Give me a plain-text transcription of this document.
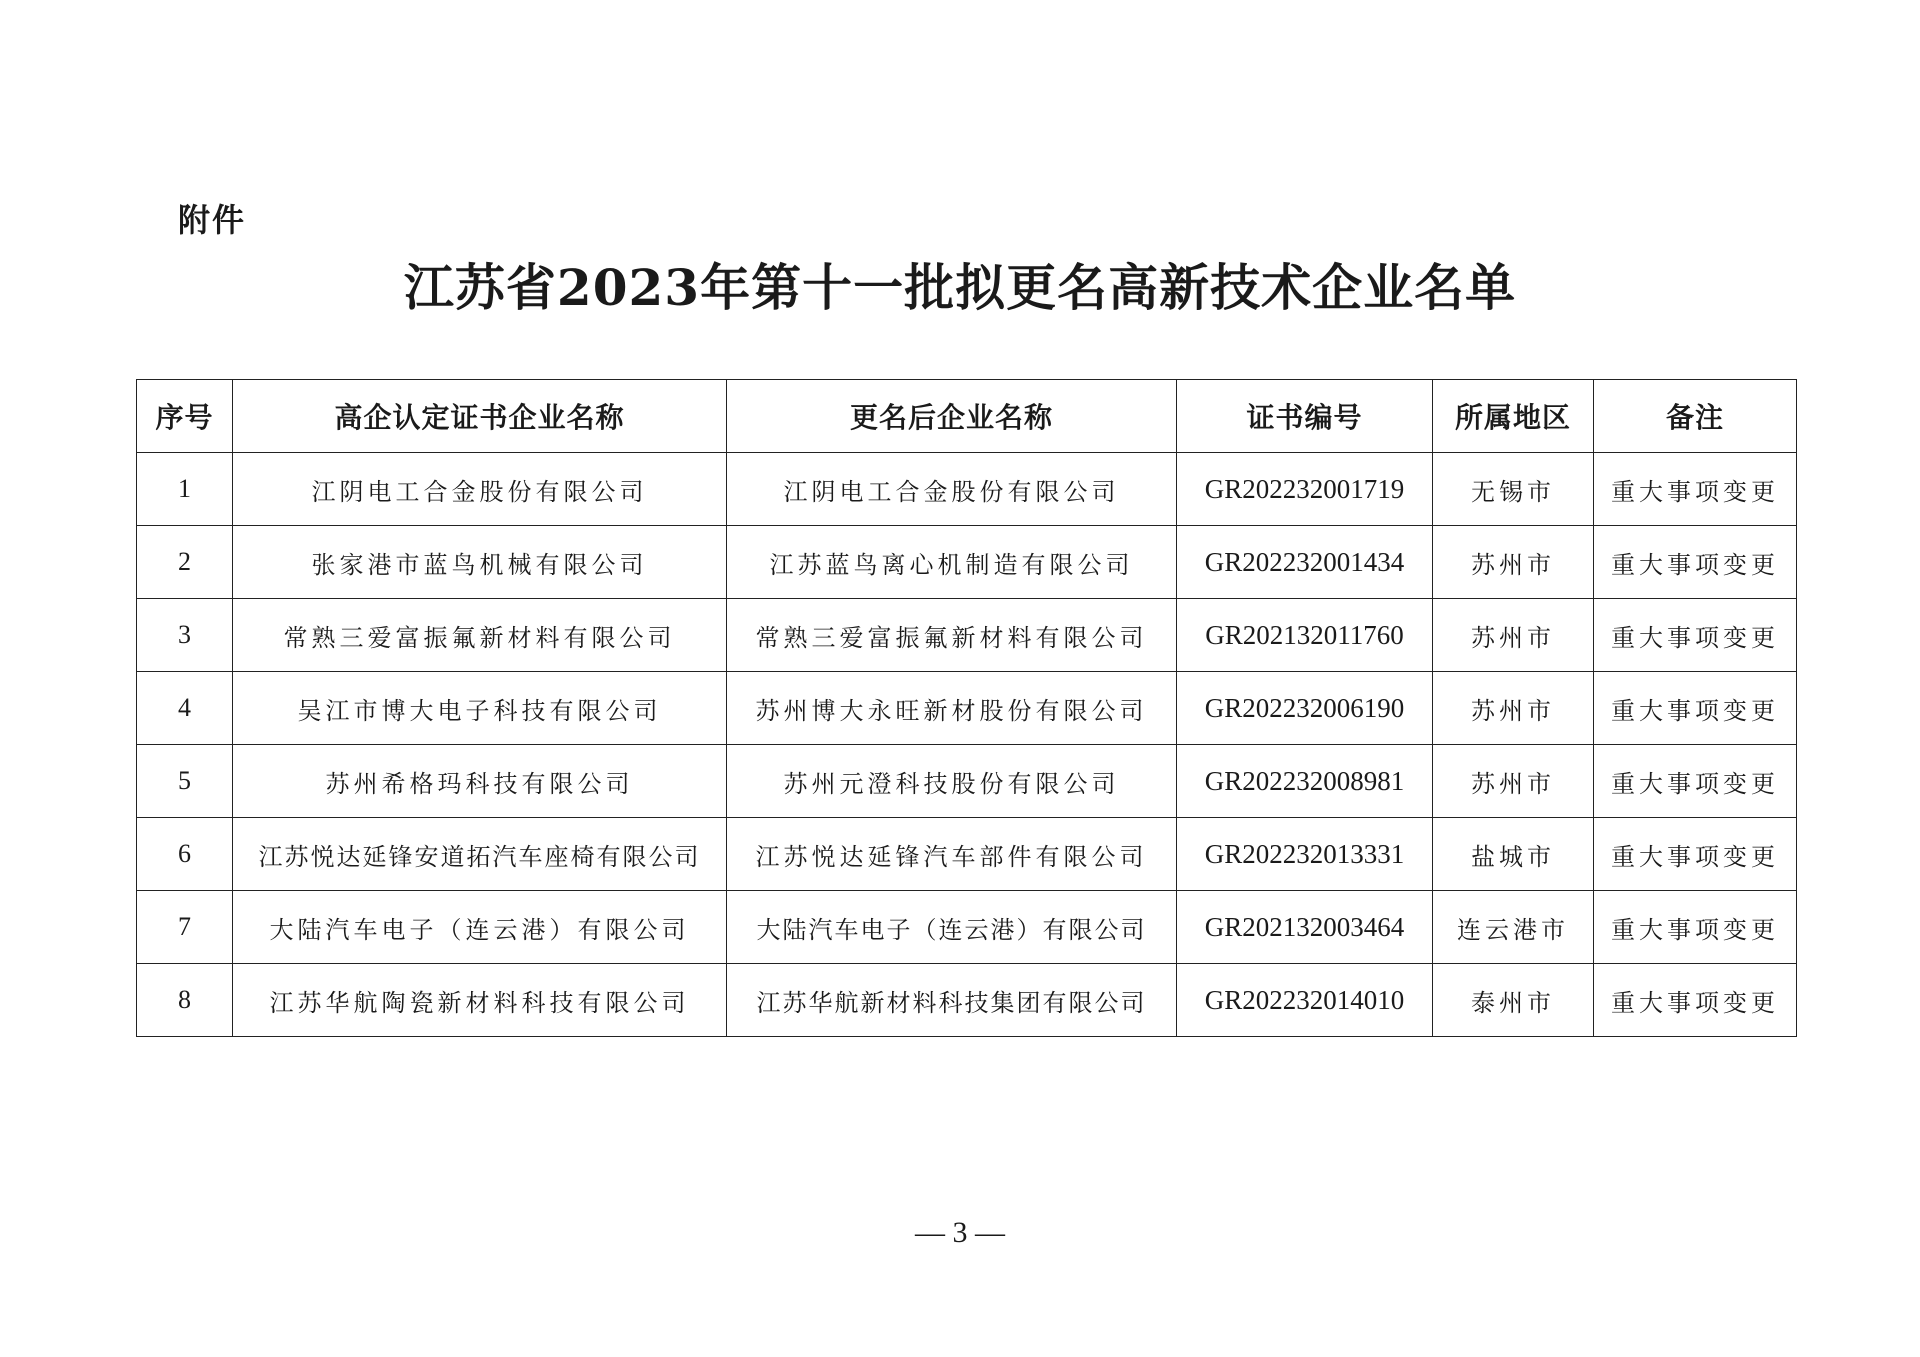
附件
江苏省2023年第十一批拟更名高新技术企业名单
序号	高企认定证书企业名称	更名后企业名称	证书编号	所属地区	备注
1	江阴电工合金股份有限公司	江阴电工合金股份有限公司	GR202232001719	无锡市	重大事项变更
2	张家港市蓝鸟机械有限公司	江苏蓝鸟离心机制造有限公司	GR202232001434	苏州市	重大事项变更
3	常熟三爱富振氟新材料有限公司	常熟三爱富振氟新材料有限公司	GR202132011760	苏州市	重大事项变更
4	吴江市博大电子科技有限公司	苏州博大永旺新材股份有限公司	GR202232006190	苏州市	重大事项变更
5	苏州希格玛科技有限公司	苏州元澄科技股份有限公司	GR202232008981	苏州市	重大事项变更
6	江苏悦达延锋安道拓汽车座椅有限公司	江苏悦达延锋汽车部件有限公司	GR202232013331	盐城市	重大事项变更
7	大陆汽车电子（连云港）有限公司	大陆汽车电子（连云港）有限公司	GR202132003464	连云港市	重大事项变更
8	江苏华航陶瓷新材料科技有限公司	江苏华航新材料科技集团有限公司	GR202232014010	泰州市	重大事项变更
— 3 —
